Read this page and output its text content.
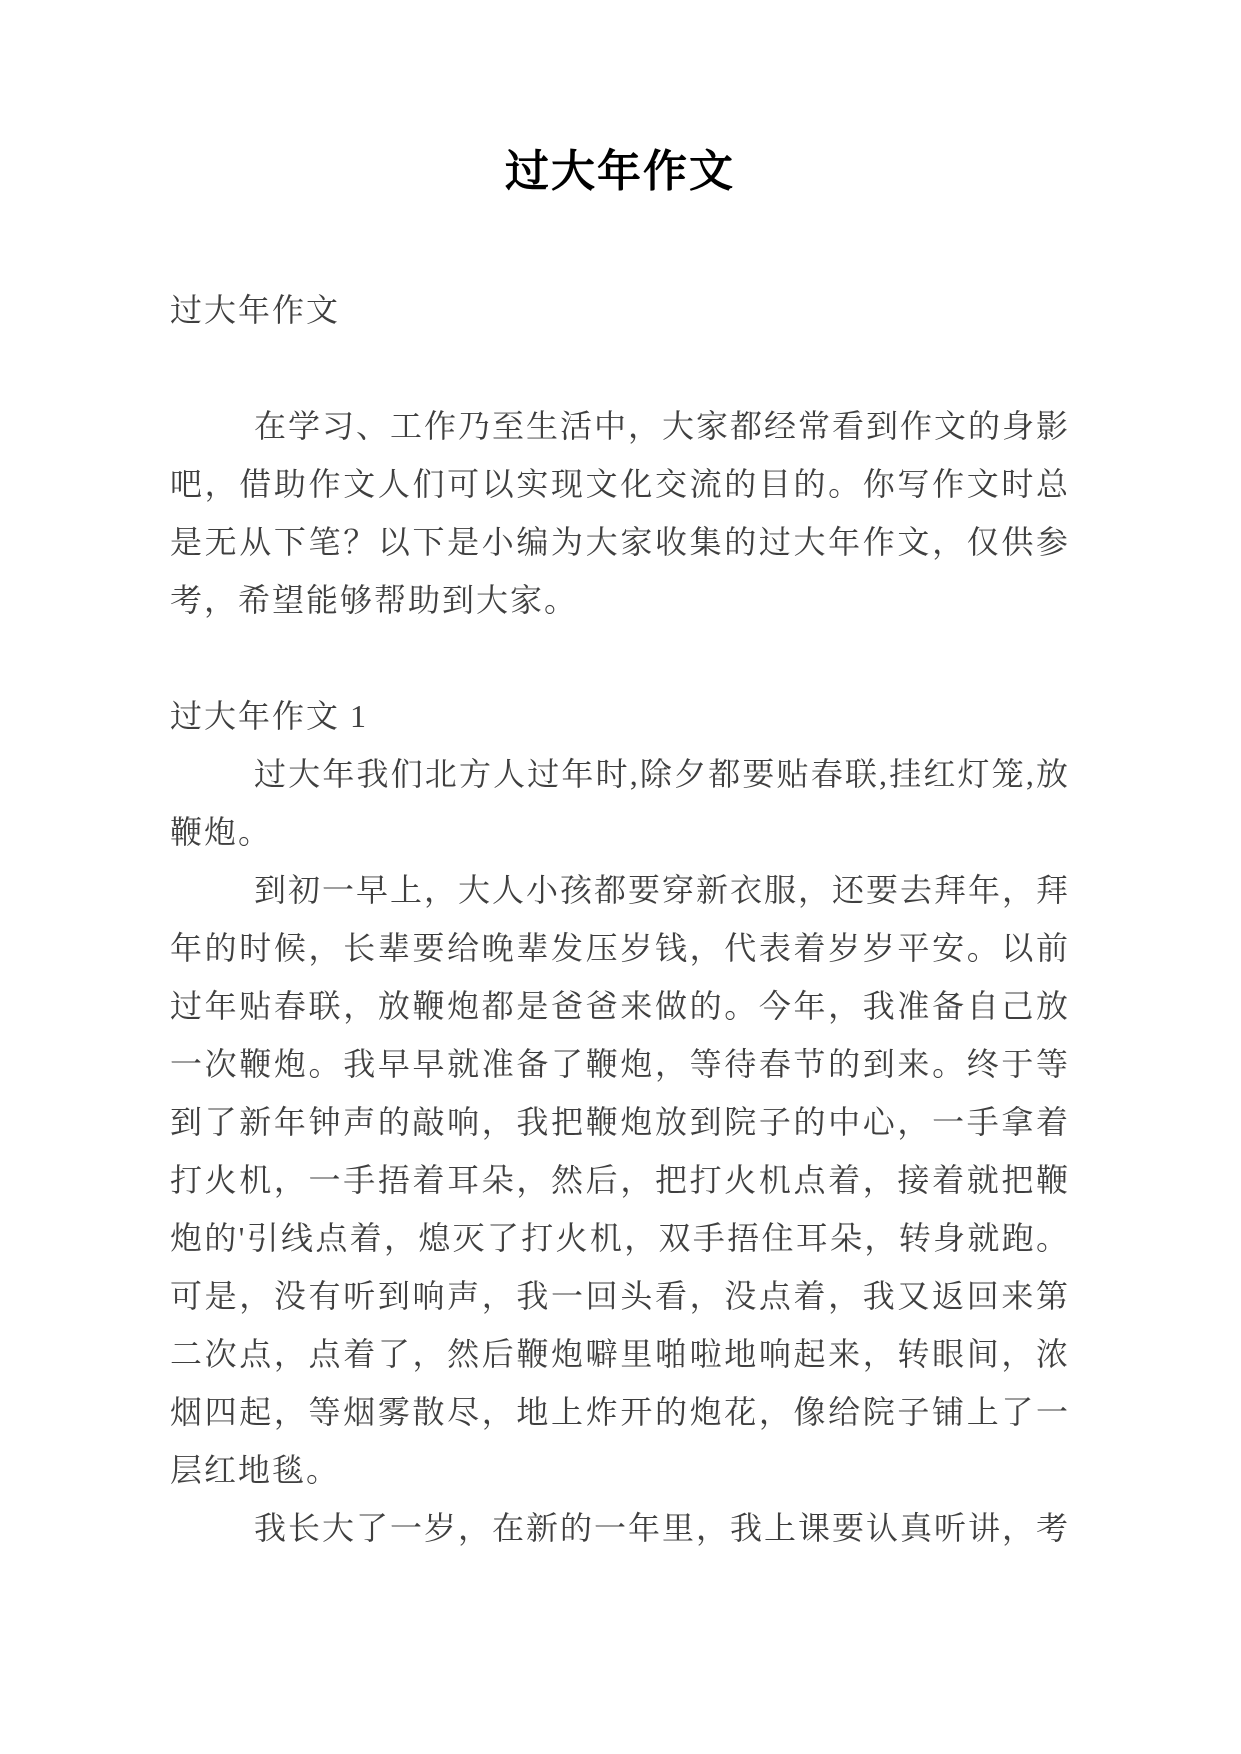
过大年作文
过大年作文

在学习、工作乃至生活中，大家都经常看到作文的身影吧，借助作文人们可以实现文化交流的目的。你写作文时总是无从下笔？以下是小编为大家收集的过大年作文，仅供参考，希望能够帮助到大家。

过大年作文 1

过大年我们北方人过年时,除夕都要贴春联,挂红灯笼,放鞭炮。

到初一早上，大人小孩都要穿新衣服，还要去拜年，拜年的时候，长辈要给晚辈发压岁钱，代表着岁岁平安。以前过年贴春联，放鞭炮都是爸爸来做的。今年，我准备自己放一次鞭炮。我早早就准备了鞭炮，等待春节的到来。终于等到了新年钟声的敲响，我把鞭炮放到院子的中心，一手拿着打火机，一手捂着耳朵，然后，把打火机点着，接着就把鞭炮的'引线点着，熄灭了打火机，双手捂住耳朵，转身就跑。可是，没有听到响声，我一回头看，没点着，我又返回来第二次点，点着了，然后鞭炮噼里啪啦地响起来，转眼间，浓烟四起，等烟雾散尽，地上炸开的炮花，像给院子铺上了一层红地毯。

我长大了一岁，在新的一年里，我上课要认真听讲，考
